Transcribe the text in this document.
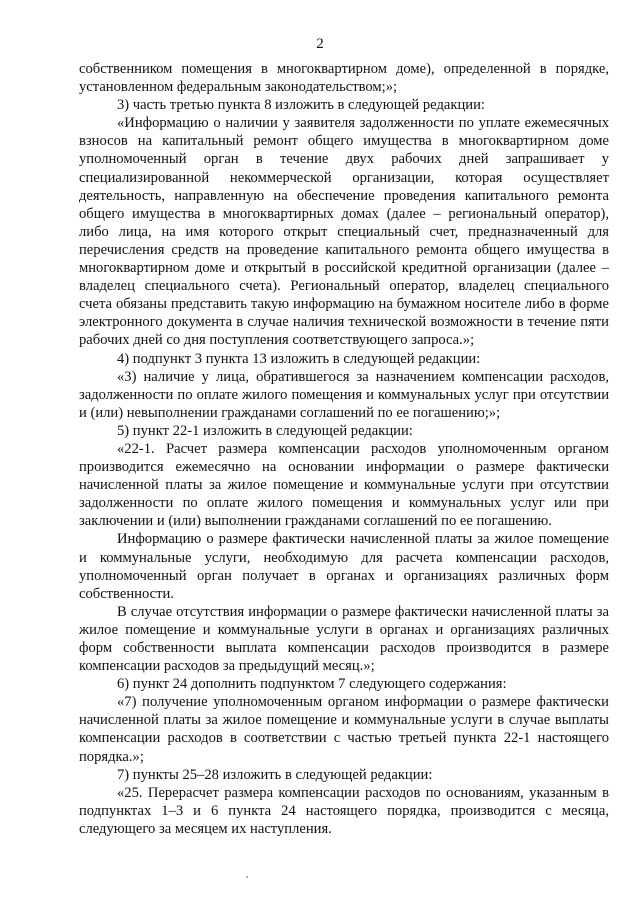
2

собственником помещения в многоквартирном доме), определенной в порядке, установленном федеральным законодательством;»;

3) часть третью пункта 8 изложить в следующей редакции:

«Информацию о наличии у заявителя задолженности по уплате ежемесячных взносов на капитальный ремонт общего имущества в многоквартирном доме уполномоченный орган в течение двух рабочих дней запрашивает у специализированной некоммерческой организации, которая осуществляет деятельность, направленную на обеспечение проведения капитального ремонта общего имущества в многоквартирных домах (далее – региональный оператор), либо лица, на имя которого открыт специальный счет, предназначенный для перечисления средств на проведение капитального ремонта общего имущества в многоквартирном доме и открытый в российской кредитной организации (далее – владелец специального счета). Региональный оператор, владелец специального счета обязаны представить такую информацию на бумажном носителе либо в форме электронного документа в случае наличия технической возможности в течение пяти рабочих дней со дня поступления соответствующего запроса.»;

4) подпункт 3 пункта 13 изложить в следующей редакции:

«3) наличие у лица, обратившегося за назначением компенсации расходов, задолженности по оплате жилого помещения и коммунальных услуг при отсутствии и (или) невыполнении гражданами соглашений по ее погашению;»;

5) пункт 22-1 изложить в следующей редакции:

«22-1. Расчет размера компенсации расходов уполномоченным органом производится ежемесячно на основании информации о размере фактически начисленной платы за жилое помещение и коммунальные услуги при отсутствии задолженности по оплате жилого помещения и коммунальных услуг или при заключении и (или) выполнении гражданами соглашений по ее погашению.

Информацию о размере фактически начисленной платы за жилое помещение и коммунальные услуги, необходимую для расчета компенсации расходов, уполномоченный орган получает в органах и организациях различных форм собственности.

В случае отсутствия информации о размере фактически начисленной платы за жилое помещение и коммунальные услуги в органах и организациях различных форм собственности выплата компенсации расходов производится в размере компенсации расходов за предыдущий месяц.»;

6) пункт 24 дополнить подпунктом 7 следующего содержания:

«7) получение уполномоченным органом информации о размере фактически начисленной платы за жилое помещение и коммунальные услуги в случае выплаты компенсации расходов в соответствии с частью третьей пункта 22-1 настоящего порядка.»;

7) пункты 25–28 изложить в следующей редакции:

«25. Перерасчет размера компенсации расходов по основаниям, указанным в подпунктах 1–3 и 6 пункта 24 настоящего порядка, производится с месяца, следующего за месяцем их наступления.
